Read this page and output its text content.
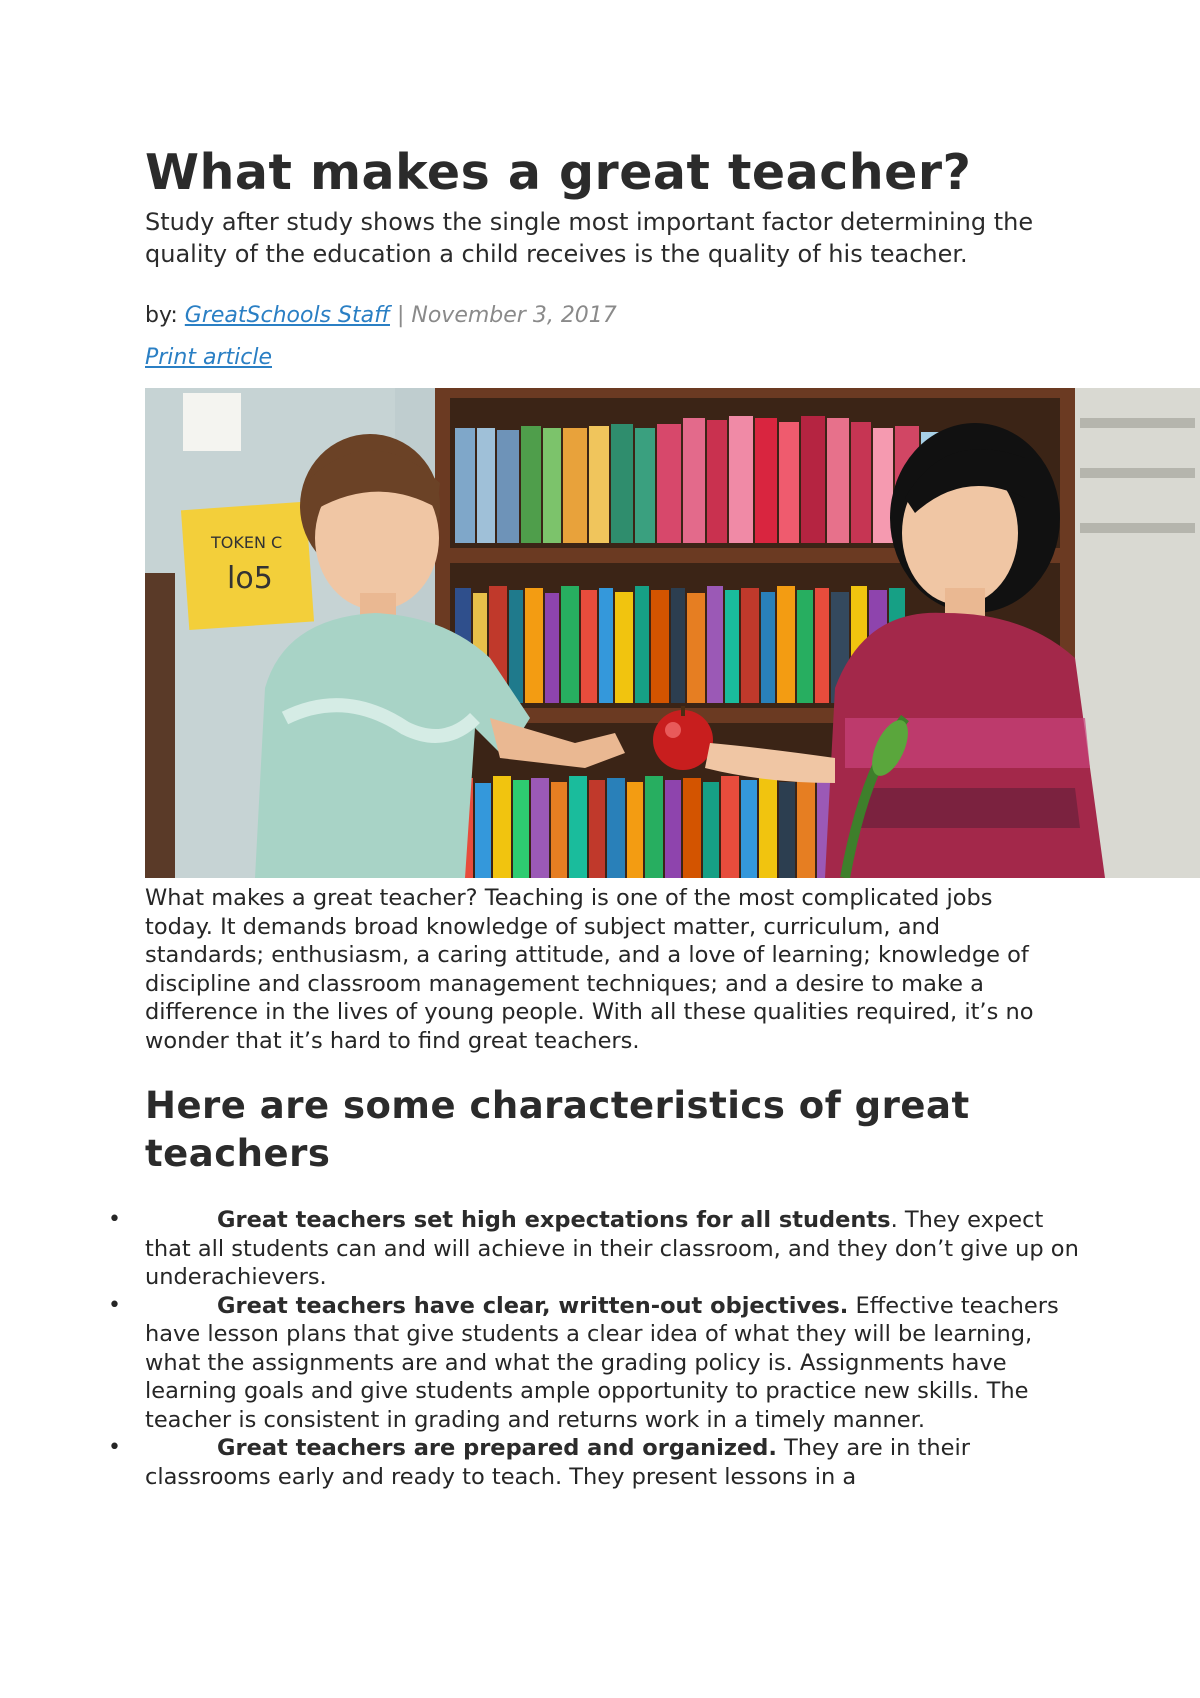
What makes a great teacher?

Study after study shows the single most important factor determining the quality of the education a child receives is the quality of his teacher.

by: GreatSchools Staff | November 3, 2017
Print article
TOKEN C
lo5

What makes a great teacher? Teaching is one of the most complicated jobs today. It demands broad knowledge of subject matter, curriculum, and standards; enthusiasm, a caring attitude, and a love of learning; knowledge of discipline and classroom management techniques; and a desire to make a difference in the lives of young people. With all these qualities required, it’s no wonder that it’s hard to find great teachers.

Here are some characteristics of great teachers
•	Great teachers set high expectations for all students. They expect that all students can and will achieve in their classroom, and they don’t give up on underachievers.
•	Great teachers have clear, written-out objectives. Effective teachers have lesson plans that give students a clear idea of what they will be learning, what the assignments are and what the grading policy is. Assignments have learning goals and give students ample opportunity to practice new skills. The teacher is consistent in grading and returns work in a timely manner.
•	Great teachers are prepared and organized. They are in their classrooms early and ready to teach. They present lessons in a
